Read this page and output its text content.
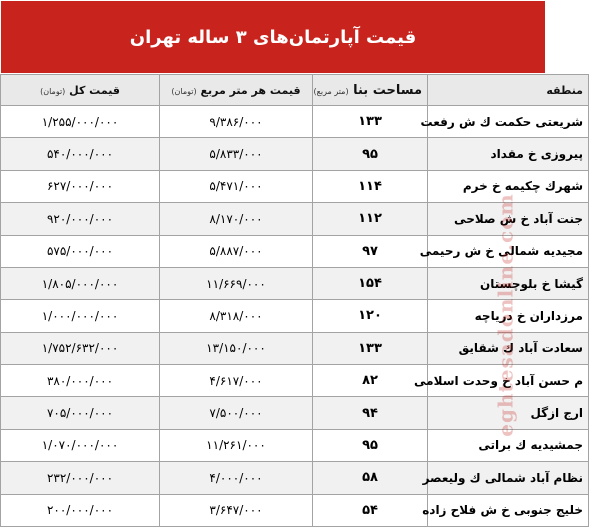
قیمت آپارتمان‌های ۳ ساله تهران
منطقه	مساحت بنا (متر مربع)	قیمت هر متر مربع (تومان)	قیمت کل (تومان)
شریعتی حکمت ك ش رفعت	۱۳۳	۹/۳۸۶/۰۰۰	۱/۲۵۵/۰۰۰/۰۰۰
پیروزی خ مقداد	۹۵	۵/۸۳۳/۰۰۰	۵۴۰/۰۰۰/۰۰۰
شهرك چکیمه خ خرم	۱۱۴	۵/۴۷۱/۰۰۰	۶۲۷/۰۰۰/۰۰۰
جنت آباد خ ش صلاحی	۱۱۲	۸/۱۷۰/۰۰۰	۹۲۰/۰۰۰/۰۰۰
مجیدیه شمالی خ ش رحیمی	۹۷	۵/۸۸۷/۰۰۰	۵۷۵/۰۰۰/۰۰۰
گیشا خ بلوچستان	۱۵۴	۱۱/۶۶۹/۰۰۰	۱/۸۰۵/۰۰۰/۰۰۰
مرزداران خ دریاچه	۱۲۰	۸/۳۱۸/۰۰۰	۱/۰۰۰/۰۰۰/۰۰۰
سعادت آباد ك شقایق	۱۳۳	۱۳/۱۵۰/۰۰۰	۱/۷۵۲/۶۳۲/۰۰۰
م حسن آباد خ وحدت اسلامی	۸۲	۴/۶۱۷/۰۰۰	۳۸۰/۰۰۰/۰۰۰
ارج ازگل	۹۴	۷/۵۰۰/۰۰۰	۷۰۵/۰۰۰/۰۰۰
جمشیدیه ك براتی	۹۵	۱۱/۲۶۱/۰۰۰	۱/۰۷۰/۰۰۰/۰۰۰
نظام آباد شمالی ك ولیعصر	۵۸	۴/۰۰۰/۰۰۰	۲۳۲/۰۰۰/۰۰۰
خلیج جنوبی خ ش فلاح زاده	۵۴	۳/۶۴۷/۰۰۰	۲۰۰/۰۰۰/۰۰۰
eghtesadonline.com
